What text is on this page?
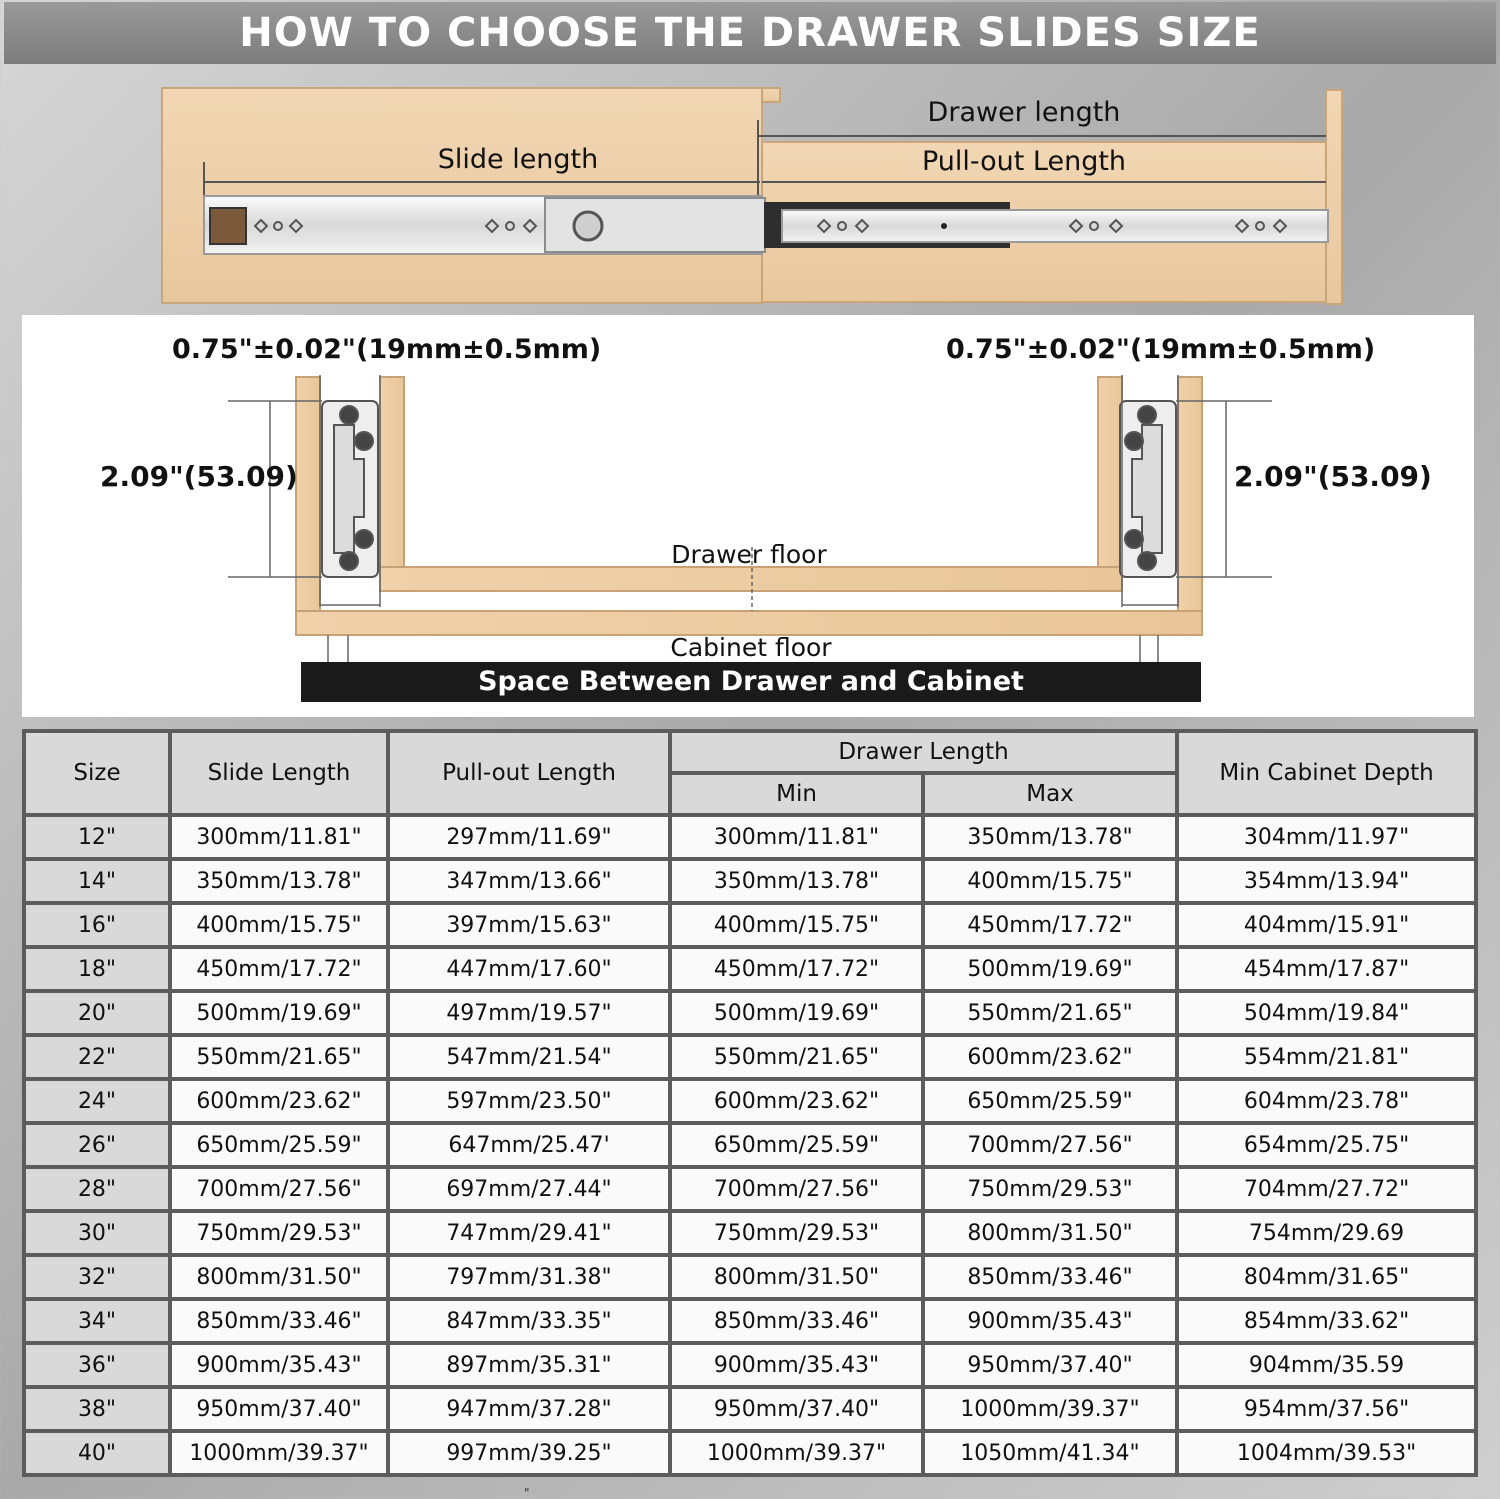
HOW TO CHOOSE THE DRAWER SLIDES SIZE
Slide length
Drawer length
Pull-out Length
0.75"±0.02"(19mm±0.5mm)	0.75"±0.02"(19mm±0.5mm)
2.09"(53.09)	2.09"(53.09)
Drawer floor
Cabinet floor
Space Between Drawer and Cabinet
Size	Slide Length	Pull-out Length	Drawer Length		Min Cabinet Depth
			Min	Max	
12"	300mm/11.81"	297mm/11.69"	300mm/11.81"	350mm/13.78"	304mm/11.97"
14"	350mm/13.78"	347mm/13.66"	350mm/13.78"	400mm/15.75"	354mm/13.94"
16"	400mm/15.75"	397mm/15.63"	400mm/15.75"	450mm/17.72"	404mm/15.91"
18"	450mm/17.72"	447mm/17.60"	450mm/17.72"	500mm/19.69"	454mm/17.87"
20"	500mm/19.69"	497mm/19.57"	500mm/19.69"	550mm/21.65"	504mm/19.84"
22"	550mm/21.65"	547mm/21.54"	550mm/21.65"	600mm/23.62"	554mm/21.81"
24"	600mm/23.62"	597mm/23.50"	600mm/23.62"	650mm/25.59"	604mm/23.78"
26"	650mm/25.59"	647mm/25.47'	650mm/25.59"	700mm/27.56"	654mm/25.75"
28"	700mm/27.56"	697mm/27.44"	700mm/27.56"	750mm/29.53"	704mm/27.72"
30"	750mm/29.53"	747mm/29.41"	750mm/29.53"	800mm/31.50"	754mm/29.69
32"	800mm/31.50"	797mm/31.38"	800mm/31.50"	850mm/33.46"	804mm/31.65"
34"	850mm/33.46"	847mm/33.35"	850mm/33.46"	900mm/35.43"	854mm/33.62"
36"	900mm/35.43"	897mm/35.31"	900mm/35.43"	950mm/37.40"	904mm/35.59
38"	950mm/37.40"	947mm/37.28"	950mm/37.40"	1000mm/39.37"	954mm/37.56"
40"	1000mm/39.37"	997mm/39.25"	1000mm/39.37"	1050mm/41.34"	1004mm/39.53"
"
